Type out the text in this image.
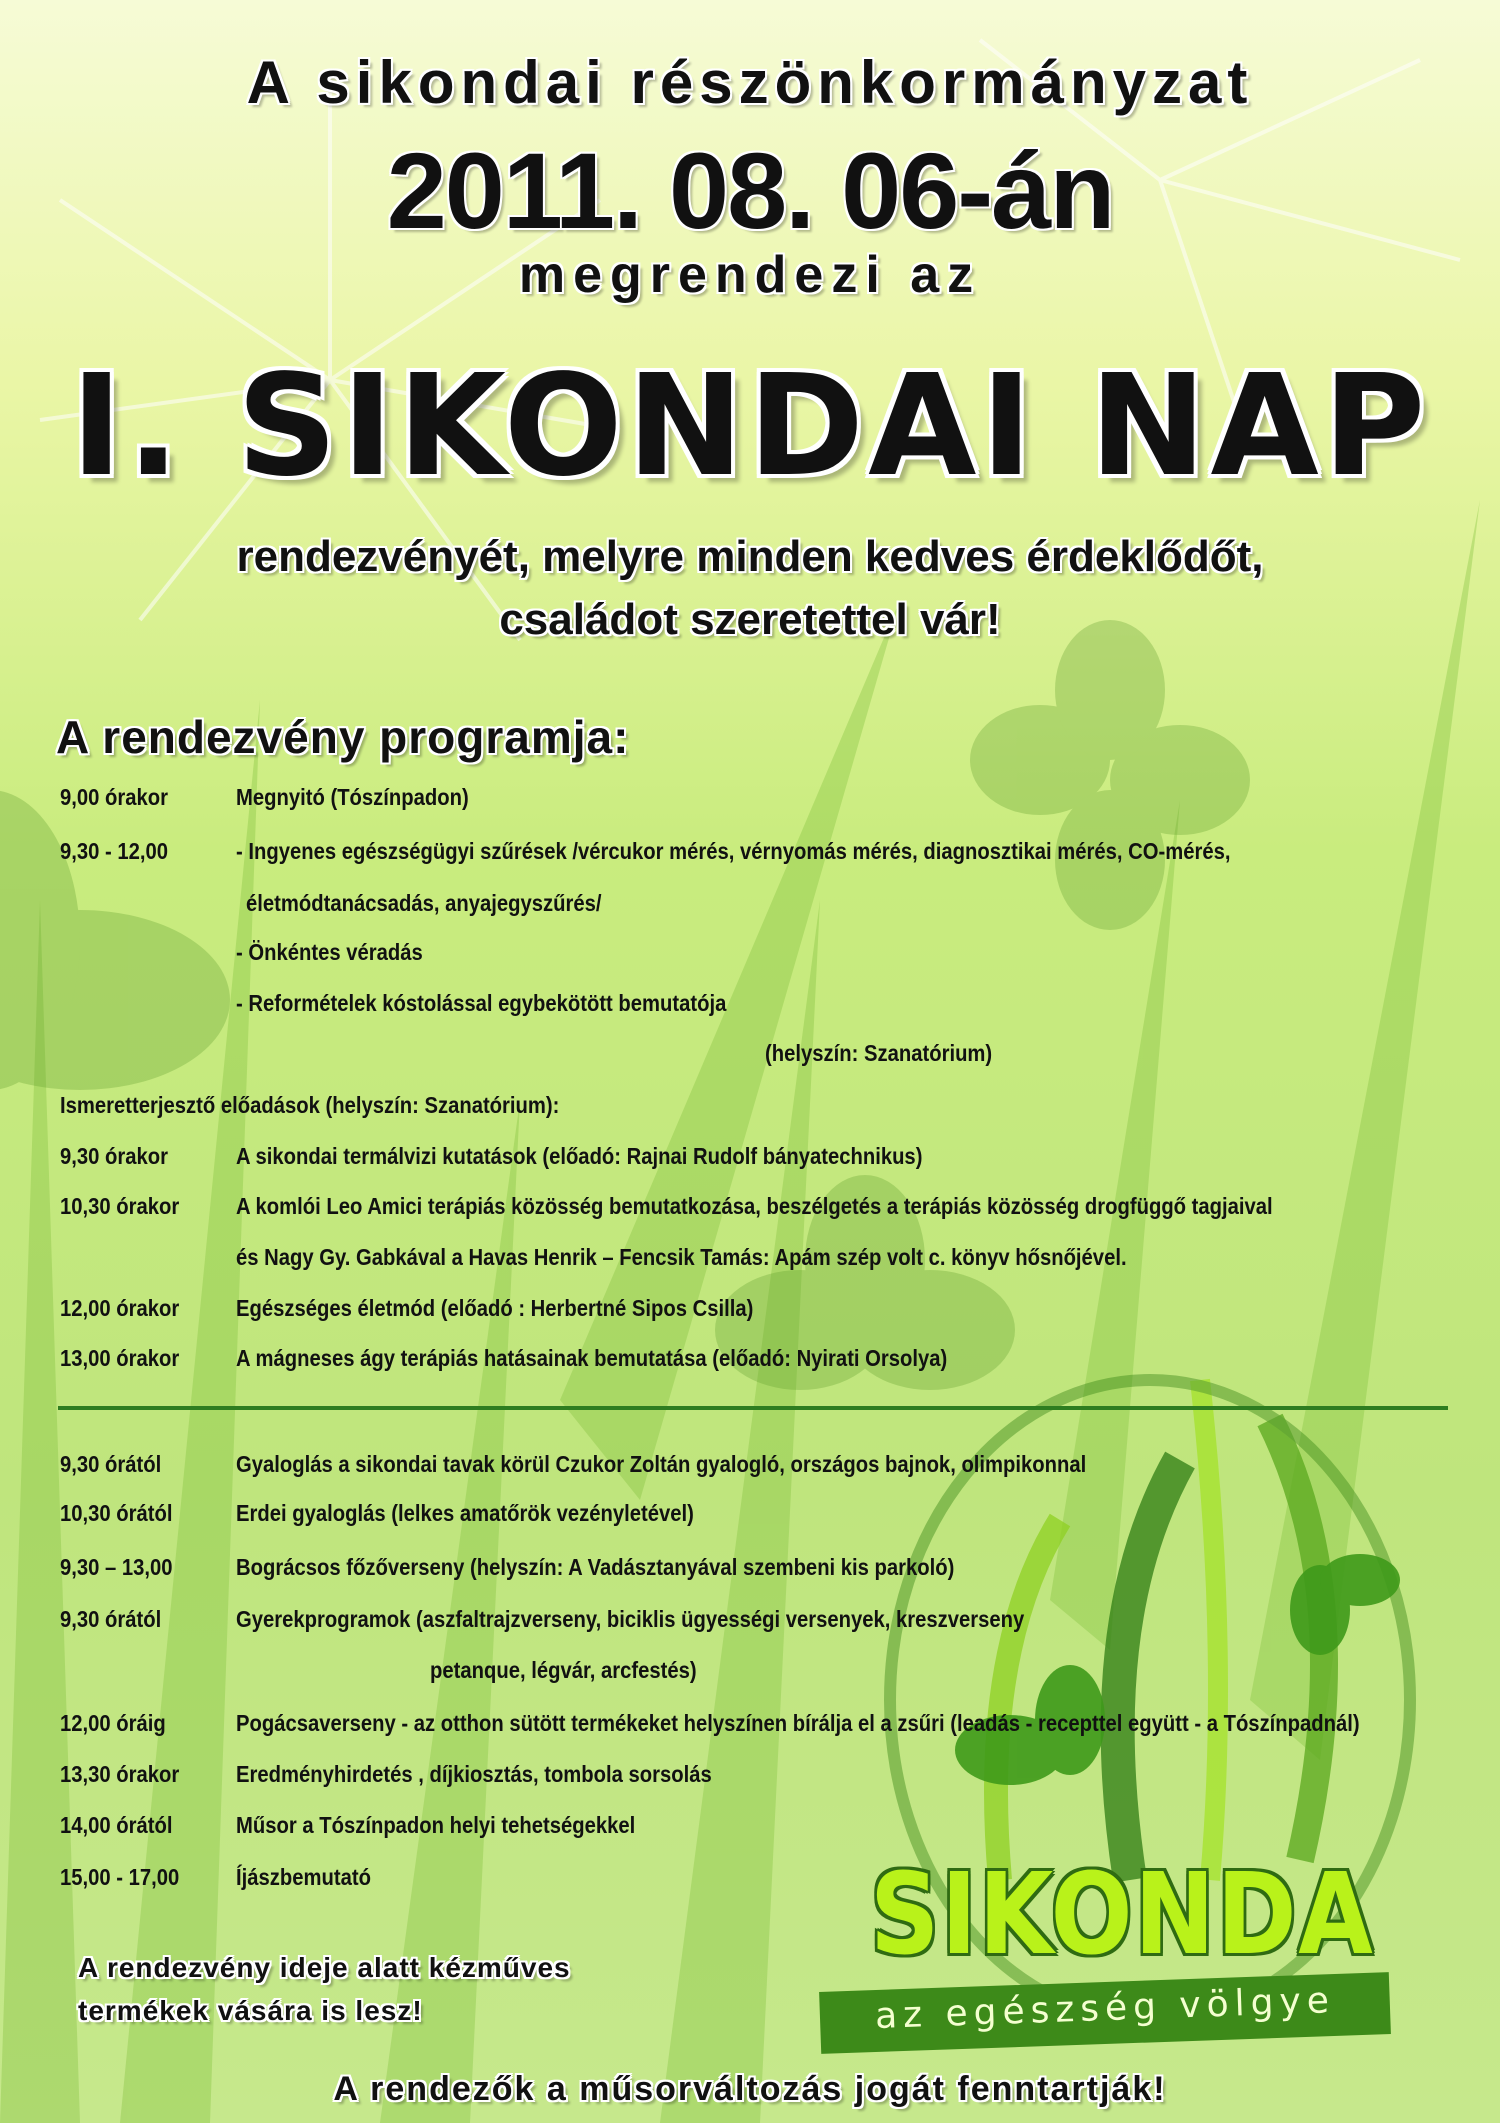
A sikondai részönkormányzat
2011. 08. 06-án
megrendezi az
I. SIKONDAI NAP
rendezvényét, melyre minden kedves érdeklődőt,
családot szeretettel vár!
A rendezvény programja:
9,00 órakor	Megnyitó (Tószínpadon)
9,30 - 12,00	- Ingyenes egészségügyi szűrések /vércukor mérés, vérnyomás mérés, diagnosztikai mérés, CO-mérés,
életmódtanácsadás, anyajegyszűrés/
- Önkéntes véradás
- Reformételek kóstolással egybekötött bemutatója
(helyszín: Szanatórium)
Ismeretterjesztő előadások (helyszín: Szanatórium):
9,30 órakor	A sikondai termálvizi kutatások (előadó: Rajnai Rudolf bányatechnikus)
10,30 órakor A komlói Leo Amici terápiás közösség bemutatkozása, beszélgetés a terápiás közösség drogfüggő tagjaival
és Nagy Gy. Gabkával a Havas Henrik – Fencsik Tamás: Apám szép volt c. könyv hősnőjével.
12,00 órakor Egészséges életmód (előadó : Herbertné Sipos Csilla)
13,00 órakor A mágneses ágy terápiás hatásainak bemutatása (előadó: Nyirati Orsolya)
9,30 órától	Gyaloglás a sikondai tavak körül Czukor Zoltán gyalogló, országos bajnok, olimpikonnal
10,30 órától	Erdei gyaloglás (lelkes amatőrök vezényletével)
9,30 – 13,00	Bográcsos főzőverseny (helyszín: A Vadásztanyával szembeni kis parkoló)
9,30 órától	Gyerekprogramok (aszfaltrajzverseny, biciklis ügyességi versenyek, kreszverseny
petanque, légvár, arcfestés)
12,00 óráig	Pogácsaverseny - az otthon sütött termékeket helyszínen bírálja el a zsűri (leadás - recepttel együtt - a Tószínpadnál)
13,30 órakor Eredményhirdetés , díjkiosztás, tombola sorsolás
14,00 órától	Műsor a Tószínpadon helyi tehetségekkel
15,00 - 17,00 Íjászbemutató	SIKONDA
az egészség völgye
A rendezvény ideje alatt kézműves
termékek vására is lesz!
A rendezők a műsorváltozás jogát fenntartják!
